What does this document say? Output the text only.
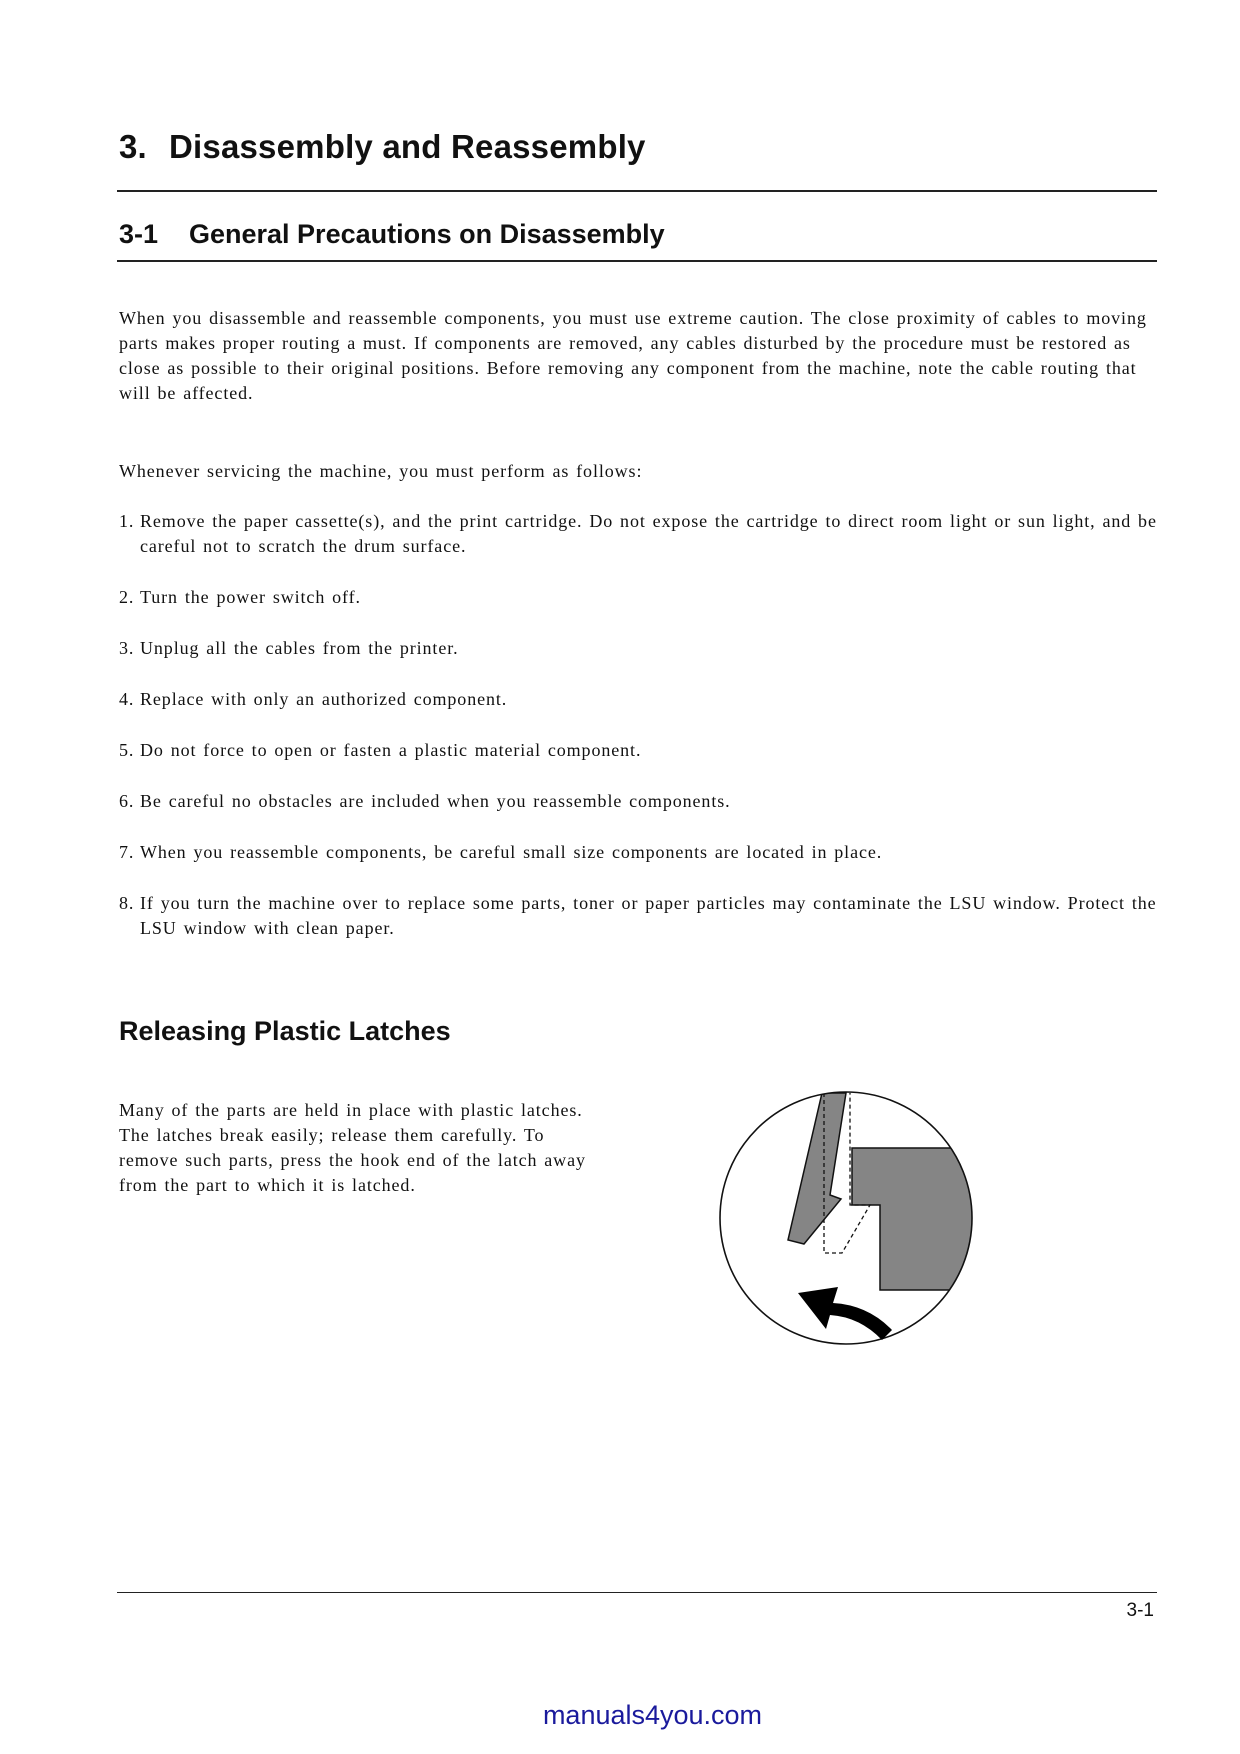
3. Disassembly and Reassembly
3-1 General Precautions on Disassembly

When you disassemble and reassemble components, you must use extreme caution. The close proximity of cables to moving parts makes proper routing a must. If components are removed, any cables disturbed by the procedure must be restored as close as possible to their original positions. Before removing any component from the machine, note the cable routing that will be affected.

Whenever servicing the machine, you must perform as follows:

1. Remove the paper cassette(s), and the print cartridge. Do not expose the cartridge to direct room light or sun light, and be careful not to scratch the drum surface.
2. Turn the power switch off.
3. Unplug all the cables from the printer.
4. Replace with only an authorized component.
5. Do not force to open or fasten a plastic material component.
6. Be careful no obstacles are included when you reassemble components.
7. When you reassemble components, be careful small size components are located in place.
8. If you turn the machine over to replace some parts, toner or paper particles may contaminate the LSU window. Protect the LSU window with clean paper.
Releasing Plastic Latches

Many of the parts are held in place with plastic latches. The latches break easily; release them carefully. To remove such parts, press the hook end of the latch away from the part to which it is latched.

3-1

manuals4you.com
